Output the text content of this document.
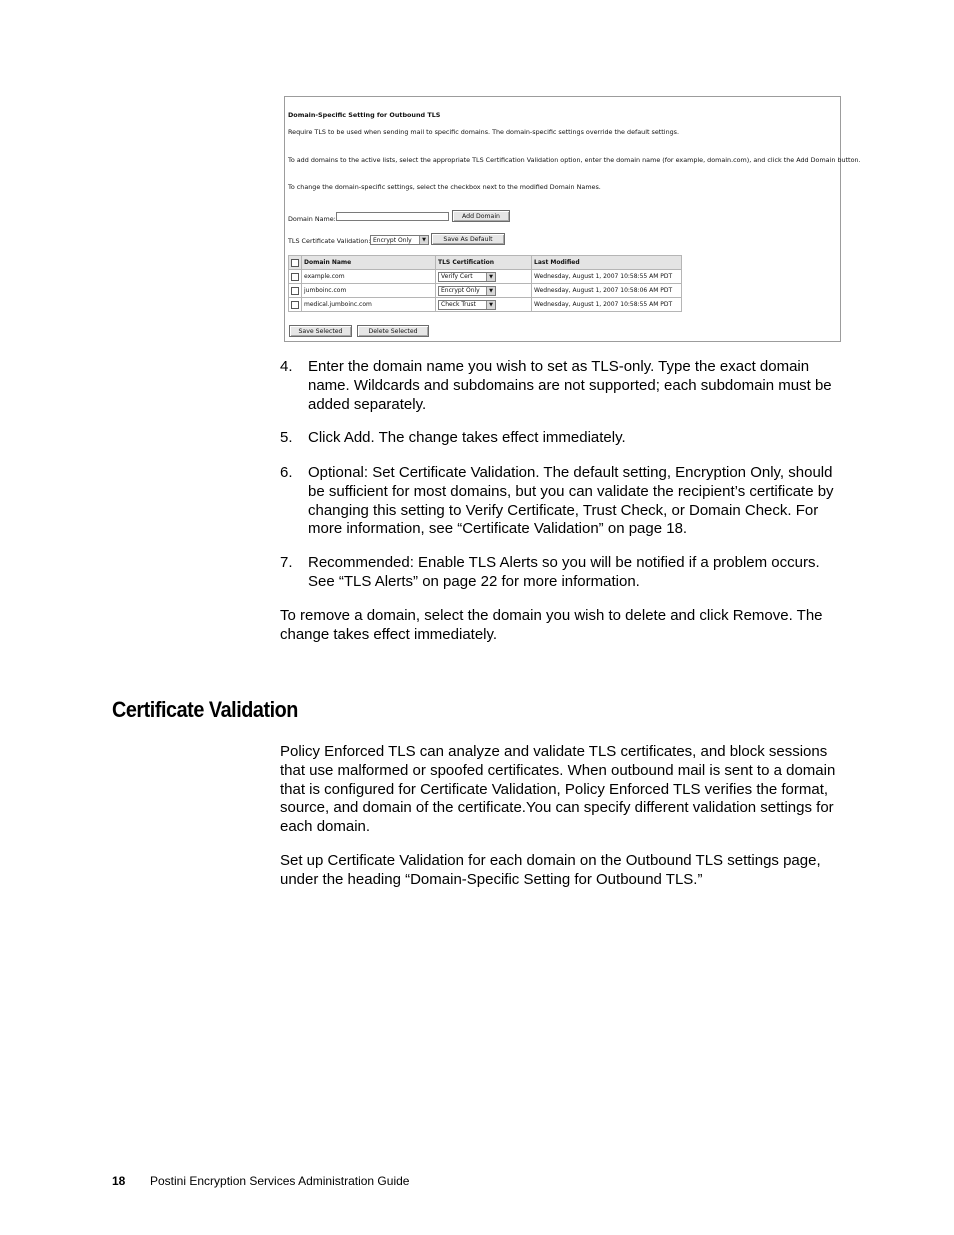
Domain-Specific Setting for Outbound TLS
Require TLS to be used when sending mail to specific domains. The domain-specific settings override the default settings.
To add domains to the active lists, select the appropriate TLS Certification Validation option, enter the domain name (for example, domain.com), and click the Add Domain button.
To change the domain-specific settings, select the checkbox next to the modified Domain Names.
Domain Name:	Add Domain
TLS Certificate Validation: Encrypt Only	▼	Save As Default
	Domain Name	TLS Certification	Last Modified
	example.com	Verify Cert ▼	Wednesday, August 1, 2007 10:58:55 AM PDT
	jumboinc.com	Encrypt Only ▼	Wednesday, August 1, 2007 10:58:06 AM PDT
	medical.jumboinc.com	Check Trust ▼	Wednesday, August 1, 2007 10:58:55 AM PDT
Save Selected	Delete Selected
4. Enter the domain name you wish to set as TLS-only. Type the exact domain name. Wildcards and subdomains are not supported; each subdomain must be added separately.
5. Click Add. The change takes effect immediately.
6. Optional: Set Certificate Validation. The default setting, Encryption Only, should be sufficient for most domains, but you can validate the recipient’s certificate by changing this setting to Verify Certificate, Trust Check, or Domain Check. For more information, see “Certificate Validation” on page 18.
7. Recommended: Enable TLS Alerts so you will be notified if a problem occurs. See “TLS Alerts” on page 22 for more information.
To remove a domain, select the domain you wish to delete and click Remove. The change takes effect immediately.
Certificate Validation
Policy Enforced TLS can analyze and validate TLS certificates, and block sessions that use malformed or spoofed certificates. When outbound mail is sent to a domain that is configured for Certificate Validation, Policy Enforced TLS verifies the format, source, and domain of the certificate.You can specify different validation settings for each domain.
Set up Certificate Validation for each domain on the Outbound TLS settings page, under the heading “Domain-Specific Setting for Outbound TLS.”
18 Postini Encryption Services Administration Guide
